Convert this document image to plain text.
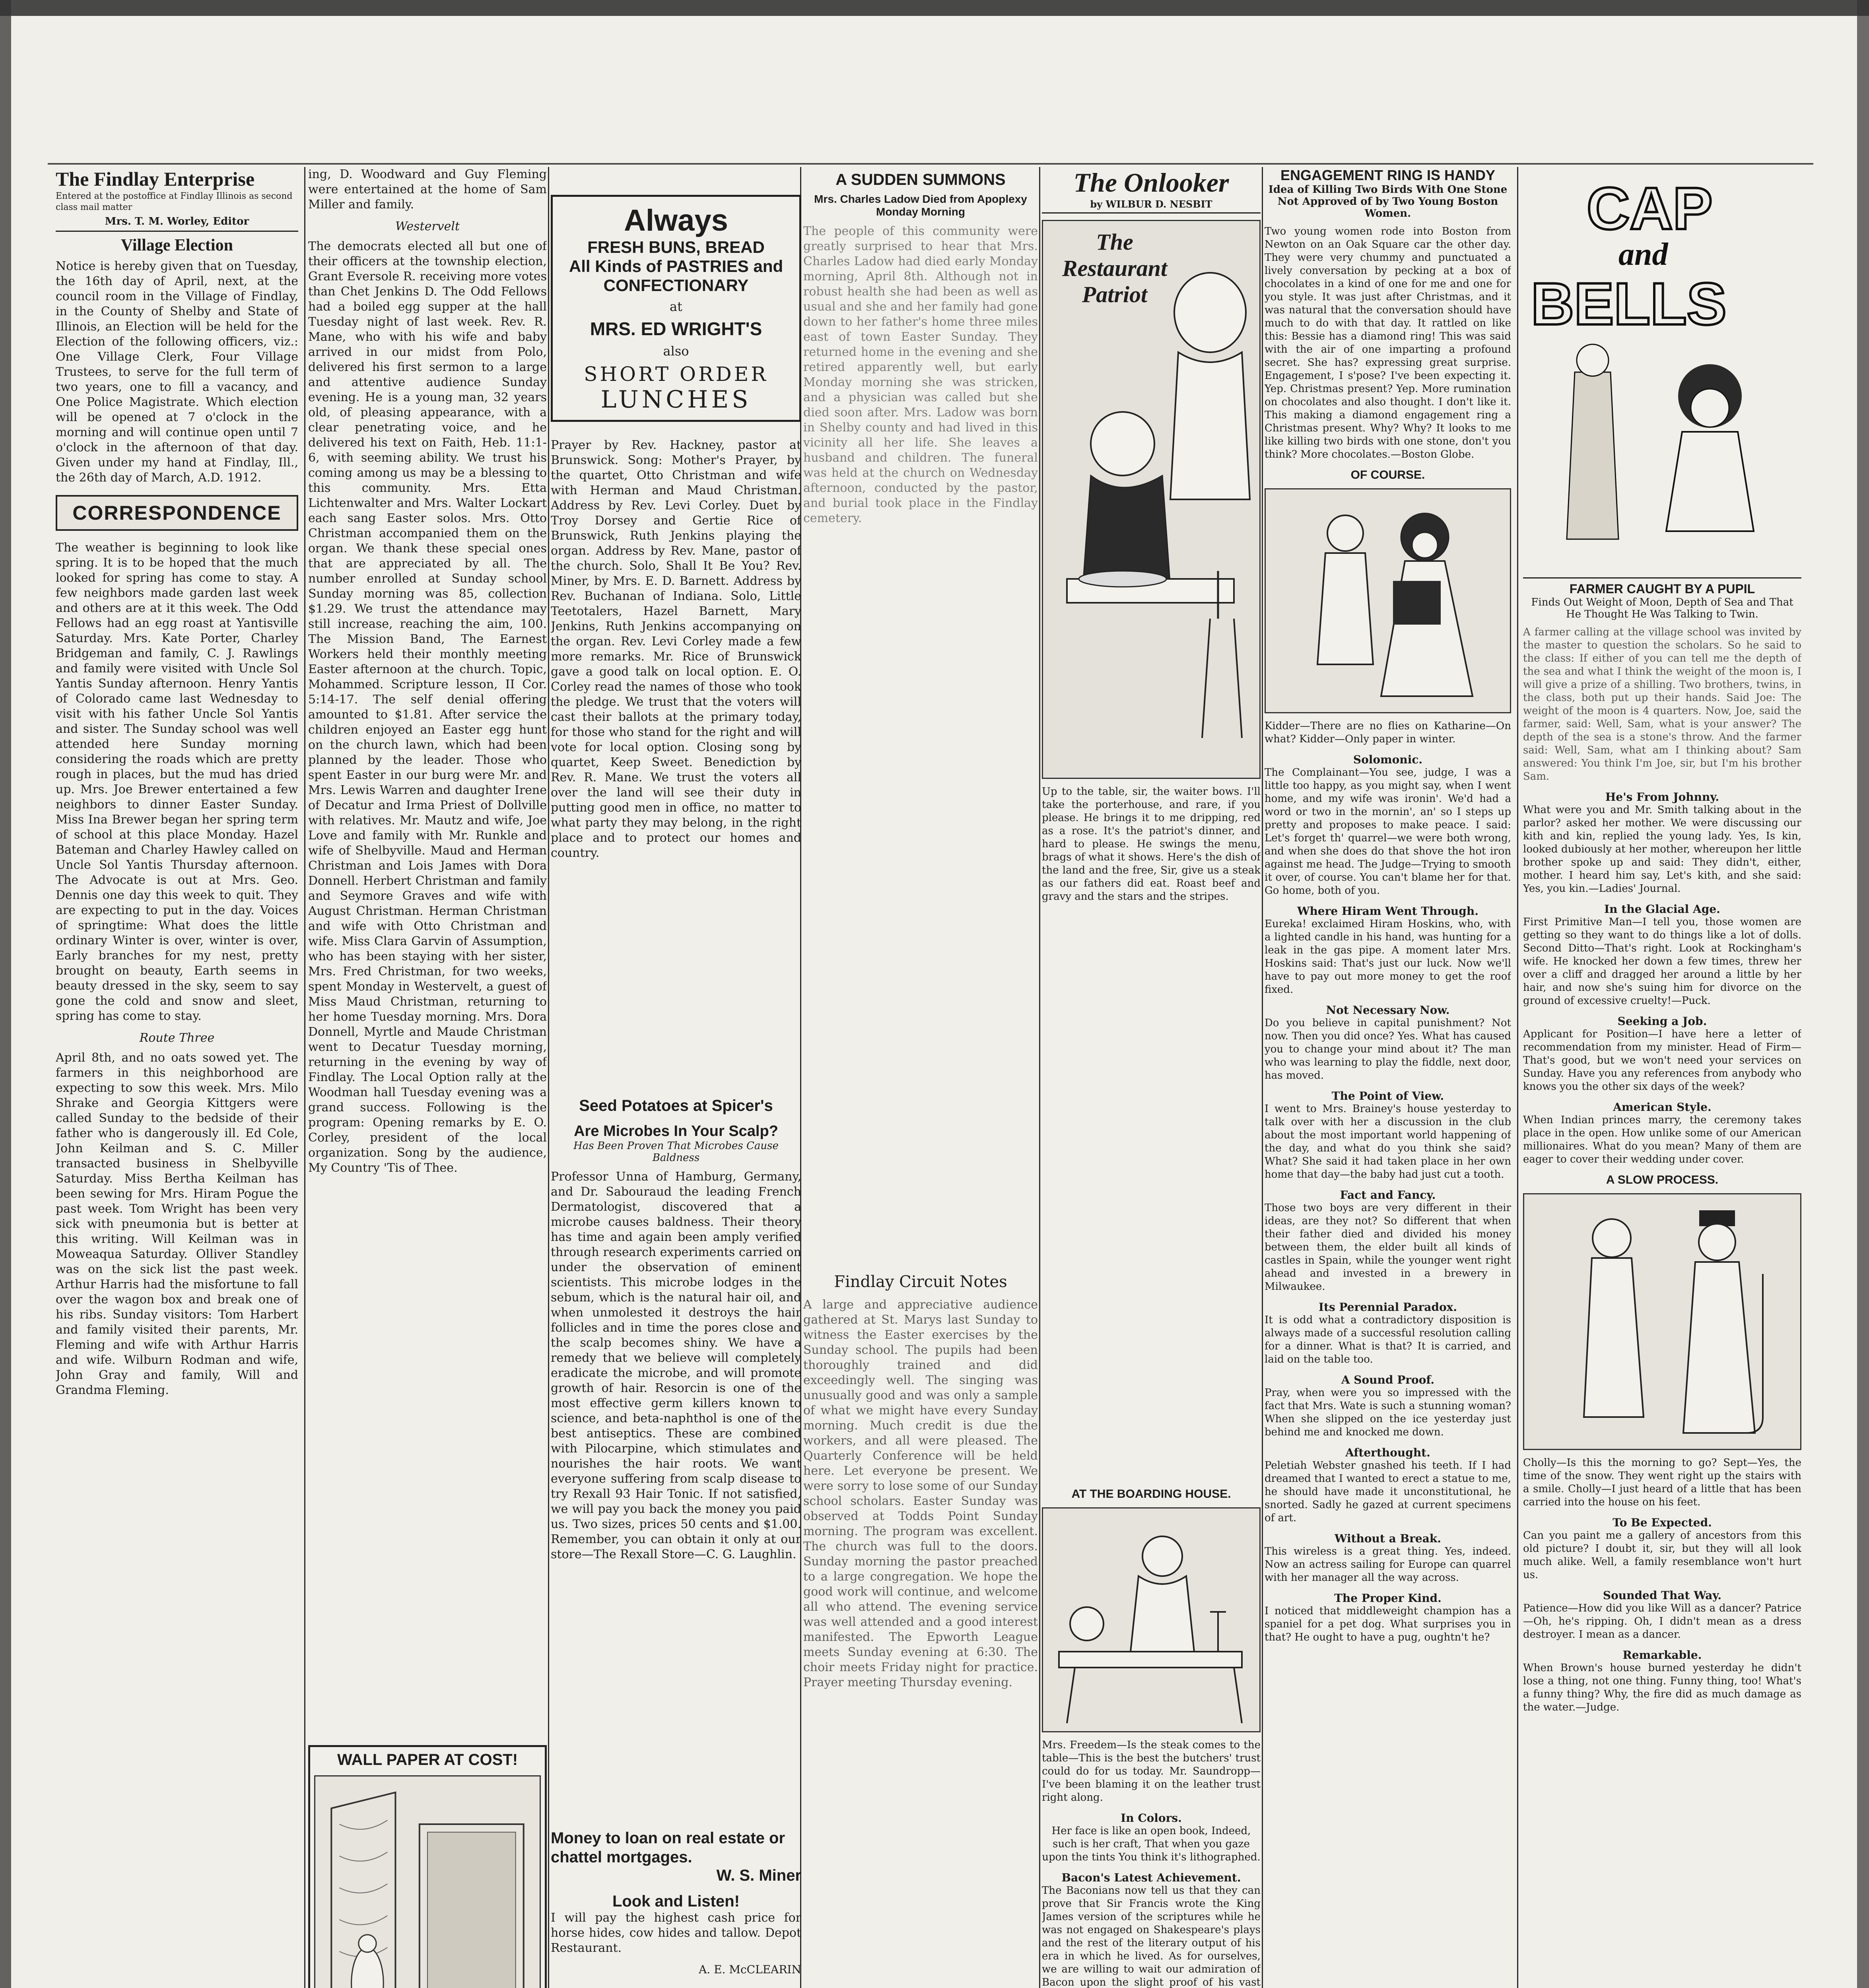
The Findlay Enterprise
Entered at the postoffice at Findlay Illinois as second class mail matter
Mrs. T. M. Worley, Editor
Village Election

Notice is hereby given that on Tuesday, the 16th day of April, next, at the council room in the Village of Findlay, in the County of Shelby and State of Illinois, an Election will be held for the Election of the following officers, viz.: One Village Clerk, Four Village Trustees, to serve for the full term of two years, one to fill a vacancy, and One Police Magistrate. Which election will be opened at 7 o'clock in the morning and will continue open until 7 o'clock in the afternoon of that day. Given under my hand at Findlay, Ill., the 26th day of March, A.D. 1912.

CORRESPONDENCE

The weather is beginning to look like spring. It is to be hoped that the much looked for spring has come to stay. A few neighbors made garden last week and others are at it this week. The Odd Fellows had an egg roast at Yantisville Saturday. Mrs. Kate Porter, Charley Bridgeman and family, C. J. Rawlings and family were visited with Uncle Sol Yantis Sunday afternoon. Henry Yantis of Colorado came last Wednesday to visit with his father Uncle Sol Yantis and sister. The Sunday school was well attended here Sunday morning considering the roads which are pretty rough in places, but the mud has dried up. Mrs. Joe Brewer entertained a few neighbors to dinner Easter Sunday. Miss Ina Brewer began her spring term of school at this place Monday. Hazel Bateman and Charley Hawley called on Uncle Sol Yantis Thursday afternoon. The Advocate is out at Mrs. Geo. Dennis one day this week to quit. They are expecting to put in the day. Voices of springtime: What does the little ordinary Winter is over, winter is over, Early branches for my nest, pretty brought on beauty, Earth seems in beauty dressed in the sky, seem to say gone the cold and snow and sleet, spring has come to stay.

Route Three

April 8th, and no oats sowed yet. The farmers in this neighborhood are expecting to sow this week. Mrs. Milo Shrake and Georgia Kittgers were called Sunday to the bedside of their father who is dangerously ill. Ed Cole, John Keilman and S. C. Miller transacted business in Shelbyville Saturday. Miss Bertha Keilman has been sewing for Mrs. Hiram Pogue the past week. Tom Wright has been very sick with pneumonia but is better at this writing. Will Keilman was in Moweaqua Saturday. Olliver Standley was on the sick list the past week. Arthur Harris had the misfortune to fall over the wagon box and break one of his ribs. Sunday visitors: Tom Harbert and family visited their parents, Mr. Fleming and wife with Arthur Harris and wife. Wilburn Rodman and wife, John Gray and family, Will and Grandma Fleming.

ing, D. Woodward and Guy Fleming were entertained at the home of Sam Miller and family.

Westervelt

The democrats elected all but one of their officers at the township election, Grant Eversole R. receiving more votes than Chet Jenkins D. The Odd Fellows had a boiled egg supper at the hall Tuesday night of last week. Rev. R. Mane, who with his wife and baby arrived in our midst from Polo, delivered his first sermon to a large and attentive audience Sunday evening. He is a young man, 32 years old, of pleasing appearance, with a clear penetrating voice, and he delivered his text on Faith, Heb. 11:1-6, with seeming ability. We trust his coming among us may be a blessing to this community. Mrs. Etta Lichtenwalter and Mrs. Walter Lockart each sang Easter solos. Mrs. Otto Christman accompanied them on the organ. We thank these special ones that are appreciated by all. The number enrolled at Sunday school Sunday morning was 85, collection $1.29. We trust the attendance may still increase, reaching the aim, 100. The Mission Band, The Earnest Workers held their monthly meeting Easter afternoon at the church. Topic, Mohammed. Scripture lesson, II Cor. 5:14-17. The self denial offering amounted to $1.81. After service the children enjoyed an Easter egg hunt on the church lawn, which had been planned by the leader. Those who spent Easter in our burg were Mr. and Mrs. Lewis Warren and daughter Irene of Decatur and Irma Priest of Dollville with relatives. Mr. Mautz and wife, Joe Love and family with Mr. Runkle and wife of Shelbyville. Maud and Herman Christman and Lois James with Dora Donnell. Herbert Christman and family and Seymore Graves and wife with August Christman. Herman Christman and wife with Otto Christman and wife. Miss Clara Garvin of Assumption, who has been staying with her sister, Mrs. Fred Christman, for two weeks, spent Monday in Westervelt, a guest of Miss Maud Christman, returning to her home Tuesday morning. Mrs. Dora Donnell, Myrtle and Maude Christman went to Decatur Tuesday morning, returning in the evening by way of Findlay. The Local Option rally at the Woodman hall Tuesday evening was a grand success. Following is the program: Opening remarks by E. O. Corley, president of the local organization. Song by the audience, My Country 'Tis of Thee.

WALL PAPER AT COST!

Always
FRESH BUNS, BREAD
All Kinds of PASTRIES and CONFECTIONARY
at
MRS. ED WRIGHT'S
also
SHORT ORDER
LUNCHES

Prayer by Rev. Hackney, pastor at Brunswick. Song: Mother's Prayer, by the quartet, Otto Christman and wife with Herman and Maud Christman. Address by Rev. Levi Corley. Duet by Troy Dorsey and Gertie Rice of Brunswick, Ruth Jenkins playing the organ. Address by Rev. Mane, pastor of the church. Solo, Shall It Be You? Rev. Miner, by Mrs. E. D. Barnett. Address by Rev. Buchanan of Indiana. Solo, Little Teetotalers, Hazel Barnett, Mary Jenkins, Ruth Jenkins accompanying on the organ. Rev. Levi Corley made a few more remarks. Mr. Rice of Brunswick gave a good talk on local option. E. O. Corley read the names of those who took the pledge. We trust that the voters will cast their ballots at the primary today, for those who stand for the right and will vote for local option. Closing song by quartet, Keep Sweet. Benediction by Rev. R. Mane. We trust the voters all over the land will see their duty in putting good men in office, no matter to what party they may belong, in the right place and to protect our homes and country.

Seed Potatoes at Spicer's
Are Microbes In Your Scalp?
Has Been Proven That Microbes Cause Baldness

Professor Unna of Hamburg, Germany, and Dr. Sabouraud the leading French Dermatologist, discovered that a microbe causes baldness. Their theory has time and again been amply verified through research experiments carried on under the observation of eminent scientists. This microbe lodges in the sebum, which is the natural hair oil, and when unmolested it destroys the hair follicles and in time the pores close and the scalp becomes shiny. We have a remedy that we believe will completely eradicate the microbe, and will promote growth of hair. Resorcin is one of the most effective germ killers known to science, and beta-naphthol is one of the best antiseptics. These are combined with Pilocarpine, which stimulates and nourishes the hair roots. We want everyone suffering from scalp disease to try Rexall 93 Hair Tonic. If not satisfied, we will pay you back the money you paid us. Two sizes, prices 50 cents and $1.00. Remember, you can obtain it only at our store—The Rexall Store—C. G. Laughlin.

Money to loan on real estate or chattel mortgages.
W. S. Miner
Look and Listen!

I will pay the highest cash price for horse hides, cow hides and tallow. Depot Restaurant.

A. E. McCLEARIN
A SUDDEN SUMMONS
Mrs. Charles Ladow Died from Apoplexy Monday Morning

The people of this community were greatly surprised to hear that Mrs. Charles Ladow had died early Monday morning, April 8th. Although not in robust health she had been as well as usual and she and her family had gone down to her father's home three miles east of town Easter Sunday. They returned home in the evening and she retired apparently well, but early Monday morning she was stricken, and a physician was called but she died soon after. Mrs. Ladow was born in Shelby county and had lived in this vicinity all her life. She leaves a husband and children. The funeral was held at the church on Wednesday afternoon, conducted by the pastor, and burial took place in the Findlay cemetery.

Findlay Circuit Notes

A large and appreciative audience gathered at St. Marys last Sunday to witness the Easter exercises by the Sunday school. The pupils had been thoroughly trained and did exceedingly well. The singing was unusually good and was only a sample of what we might have every Sunday morning. Much credit is due the workers, and all were pleased. The Quarterly Conference will be held here. Let everyone be present. We were sorry to lose some of our Sunday school scholars. Easter Sunday was observed at Todds Point Sunday morning. The program was excellent. The church was full to the doors. Sunday morning the pastor preached to a large congregation. We hope the good work will continue, and welcome all who attend. The evening service was well attended and a good interest manifested. The Epworth League meets Sunday evening at 6:30. The choir meets Friday night for practice. Prayer meeting Thursday evening.

The Onlooker
by WILBUR D. NESBIT
The Restaurant Patriot

Up to the table, sir, the waiter bows. I'll take the porterhouse, and rare, if you please. He brings it to me dripping, red as a rose. It's the patriot's dinner, and hard to please. He swings the menu, brags of what it shows. Here's the dish of the land and the free, Sir, give us a steak as our fathers did eat. Roast beef and gravy and the stars and the stripes.

AT THE BOARDING HOUSE.

Mrs. Freedem—Is the steak comes to the table—This is the best the butchers' trust could do for us today. Mr. Saundropp—I've been blaming it on the leather trust right along.

In Colors.

Her face is like an open book, Indeed, such is her craft, That when you gaze upon the tints You think it's lithographed.

Bacon's Latest Achievement.

The Baconians now tell us that they can prove that Sir Francis wrote the King James version of the scriptures while he was not engaged on Shakespeare's plays and the rest of the literary output of his era in which he lived. As for ourselves, we are willing to wait our admiration of Bacon upon the slight proof of his vast

ENGAGEMENT RING IS HANDY
Idea of Killing Two Birds With One Stone Not Approved of by Two Young Boston Women.

Two young women rode into Boston from Newton on an Oak Square car the other day. They were very chummy and punctuated a lively conversation by pecking at a box of chocolates in a kind of one for me and one for you style. It was just after Christmas, and it was natural that the conversation should have much to do with that day. It rattled on like this: Bessie has a diamond ring! This was said with the air of one imparting a profound secret. She has? expressing great surprise. Engagement, I s'pose? I've been expecting it. Yep. Christmas present? Yep. More rumination on chocolates and also thought. I don't like it. This making a diamond engagement ring a Christmas present. Why? Why? It looks to me like killing two birds with one stone, don't you think? More chocolates.—Boston Globe.

OF COURSE.

Kidder—There are no flies on Katharine—On what? Kidder—Only paper in winter.

Solomonic.

The Complainant—You see, judge, I was a little too happy, as you might say, when I went home, and my wife was ironin'. We'd had a word or two in the mornin', an' so I steps up pretty and proposes to make peace. I said: Let's forget th' quarrel—we were both wrong, and when she does do that shove the hot iron against me head. The Judge—Trying to smooth it over, of course. You can't blame her for that. Go home, both of you.

Where Hiram Went Through.

Eureka! exclaimed Hiram Hoskins, who, with a lighted candle in his hand, was hunting for a leak in the gas pipe. A moment later Mrs. Hoskins said: That's just our luck. Now we'll have to pay out more money to get the roof fixed.

Not Necessary Now.

Do you believe in capital punishment? Not now. Then you did once? Yes. What has caused you to change your mind about it? The man who was learning to play the fiddle, next door, has moved.

The Point of View.

I went to Mrs. Brainey's house yesterday to talk over with her a discussion in the club about the most important world happening of the day, and what do you think she said? What? She said it had taken place in her own home that day—the baby had just cut a tooth.

Fact and Fancy.

Those two boys are very different in their ideas, are they not? So different that when their father died and divided his money between them, the elder built all kinds of castles in Spain, while the younger went right ahead and invested in a brewery in Milwaukee.

Its Perennial Paradox.

It is odd what a contradictory disposition is always made of a successful resolution calling for a dinner. What is that? It is carried, and laid on the table too.

A Sound Proof.

Pray, when were you so impressed with the fact that Mrs. Wate is such a stunning woman? When she slipped on the ice yesterday just behind me and knocked me down.

Afterthought.

Peletiah Webster gnashed his teeth. If I had dreamed that I wanted to erect a statue to me, he should have made it unconstitutional, he snorted. Sadly he gazed at current specimens of art.

Without a Break.

This wireless is a great thing. Yes, indeed. Now an actress sailing for Europe can quarrel with her manager all the way across.

The Proper Kind.

I noticed that middleweight champion has a spaniel for a pet dog. What surprises you in that? He ought to have a pug, oughtn't he?

CAP
and
BELLS
FARMER CAUGHT BY A PUPIL
Finds Out Weight of Moon, Depth of Sea and That He Thought He Was Talking to Twin.

A farmer calling at the village school was invited by the master to question the scholars. So he said to the class: If either of you can tell me the depth of the sea and what I think the weight of the moon is, I will give a prize of a shilling. Two brothers, twins, in the class, both put up their hands. Said Joe: The weight of the moon is 4 quarters. Now, Joe, said the farmer, said: Well, Sam, what is your answer? The depth of the sea is a stone's throw. And the farmer said: Well, Sam, what am I thinking about? Sam answered: You think I'm Joe, sir, but I'm his brother Sam.

He's From Johnny.

What were you and Mr. Smith talking about in the parlor? asked her mother. We were discussing our kith and kin, replied the young lady. Yes, Is kin, looked dubiously at her mother, whereupon her little brother spoke up and said: They didn't, either, mother. I heard him say, Let's kith, and she said: Yes, you kin.—Ladies' Journal.

In the Glacial Age.

First Primitive Man—I tell you, those women are getting so they want to do things like a lot of dolls. Second Ditto—That's right. Look at Rockingham's wife. He knocked her down a few times, threw her over a cliff and dragged her around a little by her hair, and now she's suing him for divorce on the ground of excessive cruelty!—Puck.

Seeking a Job.

Applicant for Position—I have here a letter of recommendation from my minister. Head of Firm—That's good, but we won't need your services on Sunday. Have you any references from anybody who knows you the other six days of the week?

American Style.

When Indian princes marry, the ceremony takes place in the open. How unlike some of our American millionaires. What do you mean? Many of them are eager to cover their wedding under cover.

A SLOW PROCESS.

Cholly—Is this the morning to go? Sept—Yes, the time of the snow. They went right up the stairs with a smile. Cholly—I just heard of a little that has been carried into the house on his feet.

To Be Expected.

Can you paint me a gallery of ancestors from this old picture? I doubt it, sir, but they will all look much alike. Well, a family resemblance won't hurt us.

Sounded That Way.

Patience—How did you like Will as a dancer? Patrice—Oh, he's ripping. Oh, I didn't mean as a dress destroyer. I mean as a dancer.

Remarkable.

When Brown's house burned yesterday he didn't lose a thing, not one thing. Funny thing, too! What's a funny thing? Why, the fire did as much damage as the water.—Judge.
